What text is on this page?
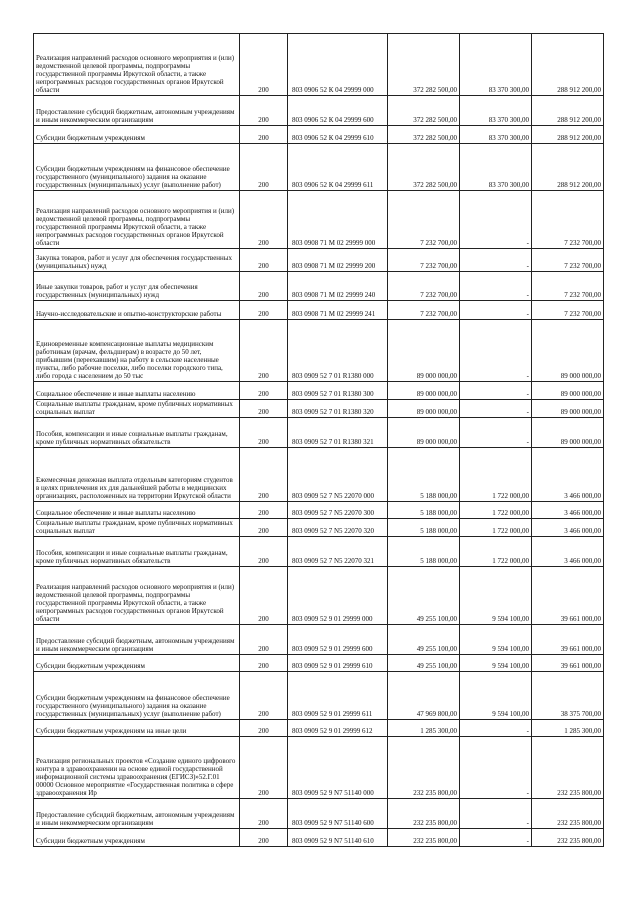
Реализация направлений расходов основного мероприятия и (или) ведомственной целевой программы, подпрограммы государственной программы Иркутской области, а также непрограммных расходов государственных органов Иркутской области	200	803 0906 52 К 04 29999 000	372 282 500,00	83 370 300,00	288 912 200,00
Предоставление субсидий бюджетным, автономным учреждениям и иным некоммерческим организациям	200	803 0906 52 К 04 29999 600	372 282 500,00	83 370 300,00	288 912 200,00
Субсидии бюджетным учреждениям	200	803 0906 52 К 04 29999 610	372 282 500,00	83 370 300,00	288 912 200,00
Субсидии бюджетным учреждениям на финансовое обеспечение государственного (муниципального) задания на оказание государственных (муниципальных) услуг (выполнение работ)	200	803 0906 52 К 04 29999 611	372 282 500,00	83 370 300,00	288 912 200,00
Реализация направлений расходов основного мероприятия и (или) ведомственной целевой программы, подпрограммы государственной программы Иркутской области, а также непрограммных расходов государственных органов Иркутской области	200	803 0908 71 М 02 29999 000	7 232 700,00	-	7 232 700,00
Закупка товаров, работ и услуг для обеспечения государственных (муниципальных) нужд	200	803 0908 71 М 02 29999 200	7 232 700,00	-	7 232 700,00
Иные закупки товаров, работ и услуг для обеспечения государственных (муниципальных) нужд	200	803 0908 71 М 02 29999 240	7 232 700,00	-	7 232 700,00
Научно-исследовательские и опытно-конструкторские работы	200	803 0908 71 М 02 29999 241	7 232 700,00	-	7 232 700,00
Единовременные компенсационные выплаты медицинским работникам (врачам, фельдшерам) в возрасте до 50 лет, прибывшим (переехавшим) на работу в сельские населенные пункты, либо рабочие поселки, либо поселки городского типа, либо города с населением до 50 тыс	200	803 0909 52 7 01 R1380 000	89 000 000,00	-	89 000 000,00
Социальное обеспечение и иные выплаты населению	200	803 0909 52 7 01 R1380 300	89 000 000,00	-	89 000 000,00
Социальные выплаты гражданам, кроме публичных нормативных социальных выплат	200	803 0909 52 7 01 R1380 320	89 000 000,00	-	89 000 000,00
Пособия, компенсации и иные социальные выплаты гражданам, кроме публичных нормативных обязательств	200	803 0909 52 7 01 R1380 321	89 000 000,00	-	89 000 000,00
Ежемесячная денежная выплата отдельным категориям студентов в целях привлечения их для дальнейшей работы в медицинских организациях, расположенных на территории Иркутской области	200	803 0909 52 7 N5 22070 000	5 188 000,00	1 722 000,00	3 466 000,00
Социальное обеспечение и иные выплаты населению	200	803 0909 52 7 N5 22070 300	5 188 000,00	1 722 000,00	3 466 000,00
Социальные выплаты гражданам, кроме публичных нормативных социальных выплат	200	803 0909 52 7 N5 22070 320	5 188 000,00	1 722 000,00	3 466 000,00
Пособия, компенсации и иные социальные выплаты гражданам, кроме публичных нормативных обязательств	200	803 0909 52 7 N5 22070 321	5 188 000,00	1 722 000,00	3 466 000,00
Реализация направлений расходов основного мероприятия и (или) ведомственной целевой программы, подпрограммы государственной программы Иркутской области, а также непрограммных расходов государственных органов Иркутской области	200	803 0909 52 9 01 29999 000	49 255 100,00	9 594 100,00	39 661 000,00
Предоставление субсидий бюджетным, автономным учреждениям и иным некоммерческим организациям	200	803 0909 52 9 01 29999 600	49 255 100,00	9 594 100,00	39 661 000,00
Субсидии бюджетным учреждениям	200	803 0909 52 9 01 29999 610	49 255 100,00	9 594 100,00	39 661 000,00
Субсидии бюджетным учреждениям на финансовое обеспечение государственного (муниципального) задания на оказание государственных (муниципальных) услуг (выполнение работ)	200	803 0909 52 9 01 29999 611	47 969 800,00	9 594 100,00	38 375 700,00
Субсидии бюджетным учреждениям на иные цели	200	803 0909 52 9 01 29999 612	1 285 300,00	-	1 285 300,00
Реализация региональных проектов «Создание единого цифрового контура в здравоохранении на основе единой государственной информационной системы здравоохранения (ЕГИСЗ)»52.Г.01 00000 Основное мероприятие «Государственная политика в сфере здравоохранения Ир	200	803 0909 52 9 N7 51140 000	232 235 800,00	-	232 235 800,00
Предоставление субсидий бюджетным, автономным учреждениям и иным некоммерческим организациям	200	803 0909 52 9 N7 51140 600	232 235 800,00	-	232 235 800,00
Субсидии бюджетным учреждениям	200	803 0909 52 9 N7 51140 610	232 235 800,00	-	232 235 800,00
